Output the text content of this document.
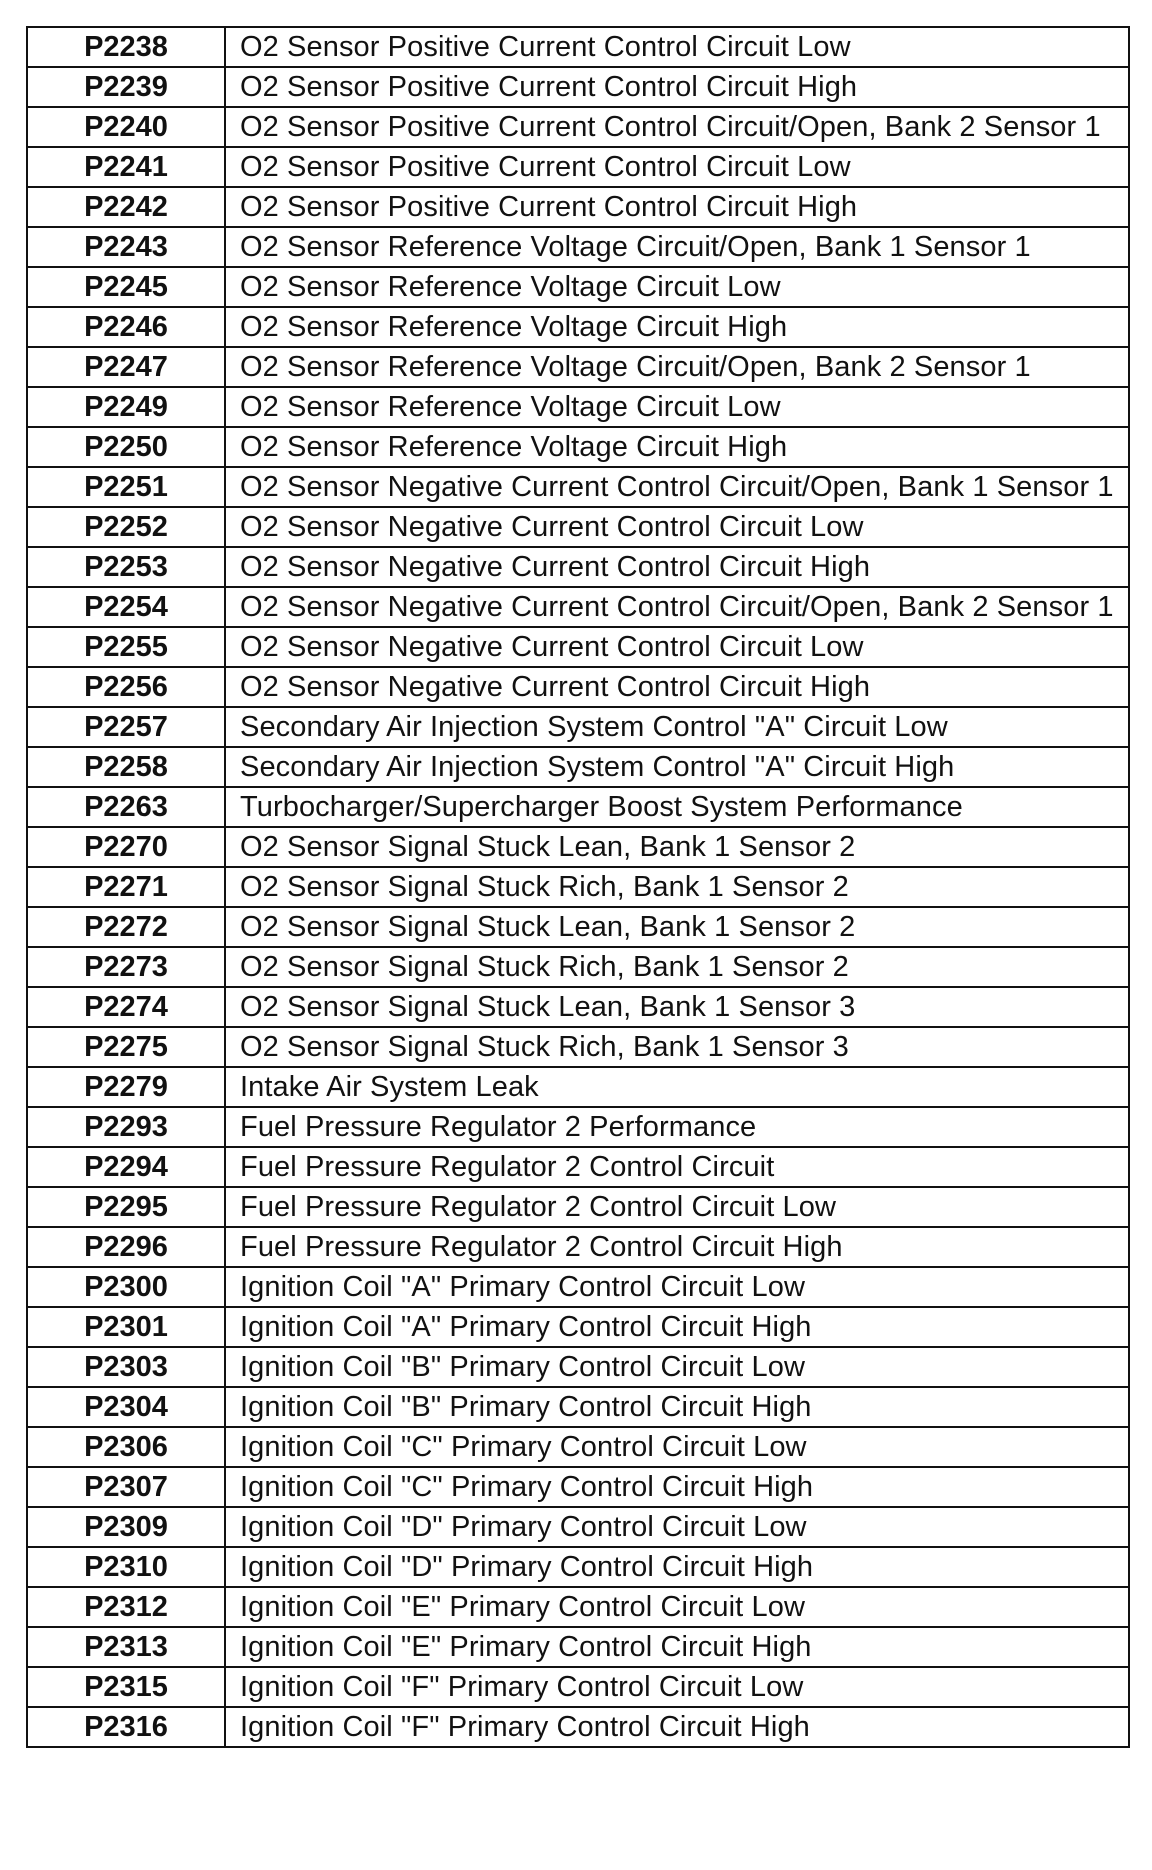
P2238	O2 Sensor Positive Current Control Circuit Low
P2239	O2 Sensor Positive Current Control Circuit High
P2240	O2 Sensor Positive Current Control Circuit/Open, Bank 2 Sensor 1
P2241	O2 Sensor Positive Current Control Circuit Low
P2242	O2 Sensor Positive Current Control Circuit High
P2243	O2 Sensor Reference Voltage Circuit/Open, Bank 1 Sensor 1
P2245	O2 Sensor Reference Voltage Circuit Low
P2246	O2 Sensor Reference Voltage Circuit High
P2247	O2 Sensor Reference Voltage Circuit/Open, Bank 2 Sensor 1
P2249	O2 Sensor Reference Voltage Circuit Low
P2250	O2 Sensor Reference Voltage Circuit High
P2251	O2 Sensor Negative Current Control Circuit/Open, Bank 1 Sensor 1
P2252	O2 Sensor Negative Current Control Circuit Low
P2253	O2 Sensor Negative Current Control Circuit High
P2254	O2 Sensor Negative Current Control Circuit/Open, Bank 2 Sensor 1
P2255	O2 Sensor Negative Current Control Circuit Low
P2256	O2 Sensor Negative Current Control Circuit High
P2257	Secondary Air Injection System Control "A" Circuit Low
P2258	Secondary Air Injection System Control "A" Circuit High
P2263	Turbocharger/Supercharger Boost System Performance
P2270	O2 Sensor Signal Stuck Lean, Bank 1 Sensor 2
P2271	O2 Sensor Signal Stuck Rich, Bank 1 Sensor 2
P2272	O2 Sensor Signal Stuck Lean, Bank 1 Sensor 2
P2273	O2 Sensor Signal Stuck Rich, Bank 1 Sensor 2
P2274	O2 Sensor Signal Stuck Lean, Bank 1 Sensor 3
P2275	O2 Sensor Signal Stuck Rich, Bank 1 Sensor 3
P2279	Intake Air System Leak
P2293	Fuel Pressure Regulator 2 Performance
P2294	Fuel Pressure Regulator 2 Control Circuit
P2295	Fuel Pressure Regulator 2 Control Circuit Low
P2296	Fuel Pressure Regulator 2 Control Circuit High
P2300	Ignition Coil "A" Primary Control Circuit Low
P2301	Ignition Coil "A" Primary Control Circuit High
P2303	Ignition Coil "B" Primary Control Circuit Low
P2304	Ignition Coil "B" Primary Control Circuit High
P2306	Ignition Coil "C" Primary Control Circuit Low
P2307	Ignition Coil "C" Primary Control Circuit High
P2309	Ignition Coil "D" Primary Control Circuit Low
P2310	Ignition Coil "D" Primary Control Circuit High
P2312	Ignition Coil "E" Primary Control Circuit Low
P2313	Ignition Coil "E" Primary Control Circuit High
P2315	Ignition Coil "F" Primary Control Circuit Low
P2316	Ignition Coil "F" Primary Control Circuit High
